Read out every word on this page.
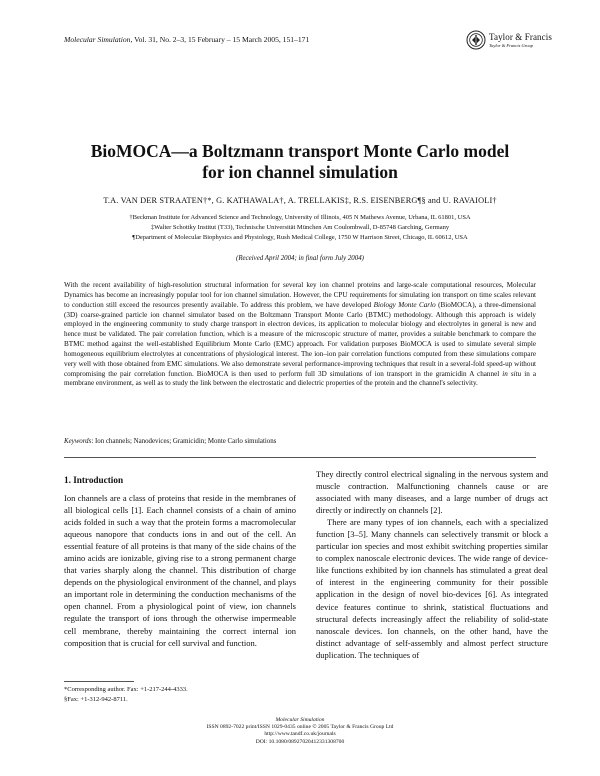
Molecular Simulation, Vol. 31, No. 2–3, 15 February – 15 March 2005, 151–171	Taylor & Francis
Taylor & Francis Group
BioMOCA—a Boltzmann transport Monte Carlo model
for ion channel simulation
T.A. VAN DER STRAATEN†*, G. KATHAWALA†, A. TRELLAKIS‡, R.S. EISENBERG¶§ and U. RAVAIOLI†
†Beckman Institute for Advanced Science and Technology, University of Illinois, 405 N Mathews Avenue, Urbana, IL 61801, USA
‡Walter Schottky Institut (T33), Technische Universität München Am Coulombwall, D-85748 Garching, Germany
¶Department of Molecular Biophysics and Physiology, Rush Medical College, 1750 W Harrison Street, Chicago, IL 60612, USA
(Received April 2004; in final form July 2004)
With the recent availability of high-resolution structural information for several key ion channel proteins and large-scale computational resources, Molecular Dynamics has become an increasingly popular tool for ion channel simulation. However, the CPU requirements for simulating ion transport on time scales relevant to conduction still exceed the resources presently available. To address this problem, we have developed Biology Monte Carlo (BioMOCA), a three-dimensional (3D) coarse-grained particle ion channel simulator based on the Boltzmann Transport Monte Carlo (BTMC) methodology. Although this approach is widely employed in the engineering community to study charge transport in electron devices, its application to molecular biology and electrolytes in general is new and hence must be validated. The pair correlation function, which is a measure of the microscopic structure of matter, provides a suitable benchmark to compare the BTMC method against the well-established Equilibrium Monte Carlo (EMC) approach. For validation purposes BioMOCA is used to simulate several simple homogeneous equilibrium electrolytes at concentrations of physiological interest. The ion–ion pair correlation functions computed from these simulations compare very well with those obtained from EMC simulations. We also demonstrate several performance-improving techniques that result in a several-fold speed-up without compromising the pair correlation function. BioMOCA is then used to perform full 3D simulations of ion transport in the gramicidin A channel in situ in a membrane environment, as well as to study the link between the electrostatic and dielectric properties of the protein and the channel's selectivity.
Keywords: Ion channels; Nanodevices; Gramicidin; Monte Carlo simulations
1. Introduction

Ion channels are a class of proteins that reside in the membranes of all biological cells [1]. Each channel consists of a chain of amino acids folded in such a way that the protein forms a macromolecular aqueous nanopore that conducts ions in and out of the cell. An essential feature of all proteins is that many of the side chains of the amino acids are ionizable, giving rise to a strong permanent charge that varies sharply along the channel. This distribution of charge depends on the physiological environment of the channel, and plays an important role in determining the conduction mechanisms of the open channel. From a physiological point of view, ion channels regulate the transport of ions through the otherwise impermeable cell membrane, thereby maintaining the correct internal ion composition that is crucial for cell survival and function.

They directly control electrical signaling in the nervous system and muscle contraction. Malfunctioning channels cause or are associated with many diseases, and a large number of drugs act directly or indirectly on channels [2].

There are many types of ion channels, each with a specialized function [3–5]. Many channels can selectively transmit or block a particular ion species and most exhibit switching properties similar to complex nanoscale electronic devices. The wide range of device-like functions exhibited by ion channels has stimulated a great deal of interest in the engineering community for their possible application in the design of novel bio-devices [6]. As integrated device features continue to shrink, statistical fluctuations and structural defects increasingly affect the reliability of solid-state nanoscale devices. Ion channels, on the other hand, have the distinct advantage of self-assembly and almost perfect structure duplication. The techniques of

*Corresponding author. Fax: +1-217-244-4333.
§Fax: +1-312-942-8711.
Molecular Simulation
ISSN 0892-7022 print/ISSN 1029-0435 online © 2005 Taylor & Francis Group Ltd
http://www.tandf.co.uk/journals
DOI: 10.1080/08927020412331308700
